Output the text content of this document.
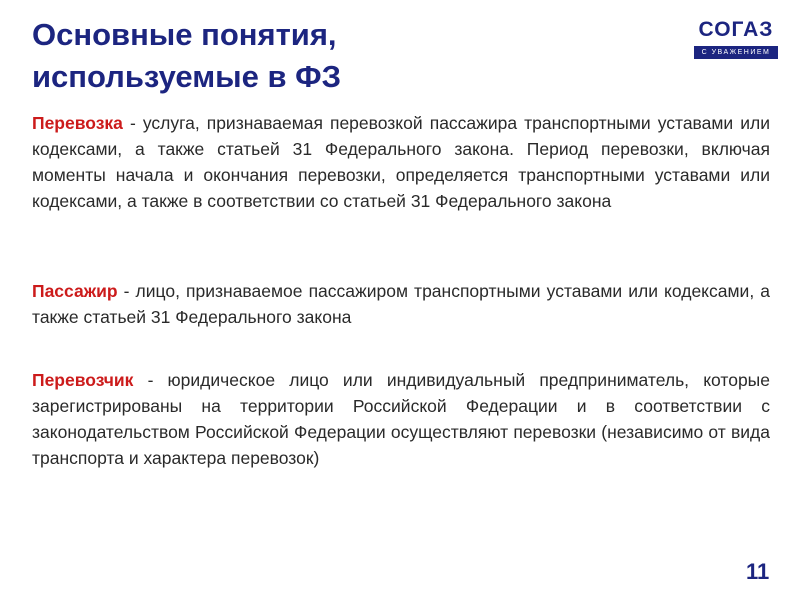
Основные понятия,
используемые в ФЗ
СОГАЗ
С УВАЖЕНИЕМ

Перевозка - услуга, признаваемая перевозкой пассажира транспортными уставами или кодексами, а также статьей 31 Федерального закона. Период перевозки, включая моменты начала и окончания перевозки, определяется транспортными уставами или кодексами, а также в соответствии со статьей 31 Федерального закона

Пассажир - лицо, признаваемое пассажиром транспортными уставами или кодексами, а также статьей 31 Федерального закона

Перевозчик - юридическое лицо или индивидуальный предприниматель, которые зарегистрированы на территории Российской Федерации и в соответствии с законодательством Российской Федерации осуществляют перевозки (независимо от вида транспорта и характера перевозок)

11
